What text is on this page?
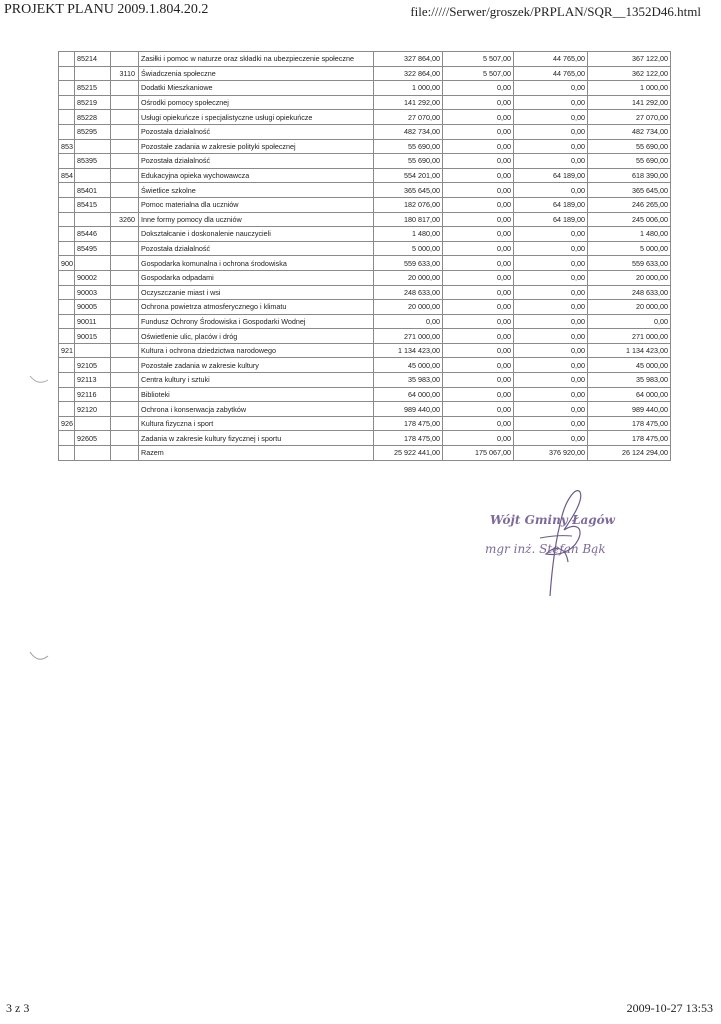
PROJEKT PLANU 2009.1.804.20.2	file://///Serwer/groszek/PRPLAN/SQR__1352D46.html
	85214		Zasiłki i pomoc w naturze oraz składki na ubezpieczenie społeczne	327 864,00	5 507,00	44 765,00	367 122,00
		3110	Świadczenia społeczne	322 864,00	5 507,00	44 765,00	362 122,00
	85215		Dodatki Mieszkaniowe	1 000,00	0,00	0,00	1 000,00
	85219		Ośrodki pomocy społecznej	141 292,00	0,00	0,00	141 292,00
	85228		Usługi opiekuńcze i specjalistyczne usługi opiekuńcze	27 070,00	0,00	0,00	27 070,00
	85295		Pozostała działalność	482 734,00	0,00	0,00	482 734,00
853			Pozostałe zadania w zakresie polityki społecznej	55 690,00	0,00	0,00	55 690,00
	85395		Pozostała działalność	55 690,00	0,00	0,00	55 690,00
854			Edukacyjna opieka wychowawcza	554 201,00	0,00	64 189,00	618 390,00
	85401		Świetlice szkolne	365 645,00	0,00	0,00	365 645,00
	85415		Pomoc materialna dla uczniów	182 076,00	0,00	64 189,00	246 265,00
		3260	Inne formy pomocy dla uczniów	180 817,00	0,00	64 189,00	245 006,00
	85446		Dokształcanie i doskonalenie nauczycieli	1 480,00	0,00	0,00	1 480,00
	85495		Pozostała działalność	5 000,00	0,00	0,00	5 000,00
900			Gospodarka komunalna i ochrona środowiska	559 633,00	0,00	0,00	559 633,00
	90002		Gospodarka odpadami	20 000,00	0,00	0,00	20 000,00
	90003		Oczyszczanie miast i wsi	248 633,00	0,00	0,00	248 633,00
	90005		Ochrona powietrza atmosferycznego i klimatu	20 000,00	0,00	0,00	20 000,00
	90011		Fundusz Ochrony Środowiska i Gospodarki Wodnej	0,00	0,00	0,00	0,00
	90015		Oświetlenie ulic, placów i dróg	271 000,00	0,00	0,00	271 000,00
921			Kultura i ochrona dziedzictwa narodowego	1 134 423,00	0,00	0,00	1 134 423,00
	92105		Pozostałe zadania w zakresie kultury	45 000,00	0,00	0,00	45 000,00
	92113		Centra kultury i sztuki	35 983,00	0,00	0,00	35 983,00
	92116		Biblioteki	64 000,00	0,00	0,00	64 000,00
	92120		Ochrona i konserwacja zabytków	989 440,00	0,00	0,00	989 440,00
926			Kultura fizyczna i sport	178 475,00	0,00	0,00	178 475,00
	92605		Zadania w zakresie kultury fizycznej i sportu	178 475,00	0,00	0,00	178 475,00
			Razem	25 922 441,00	175 067,00	376 920,00	26 124 294,00
Wójt Gminy Łagów
mgr inż. Stefan Bąk
3 z 3	2009-10-27 13:53
